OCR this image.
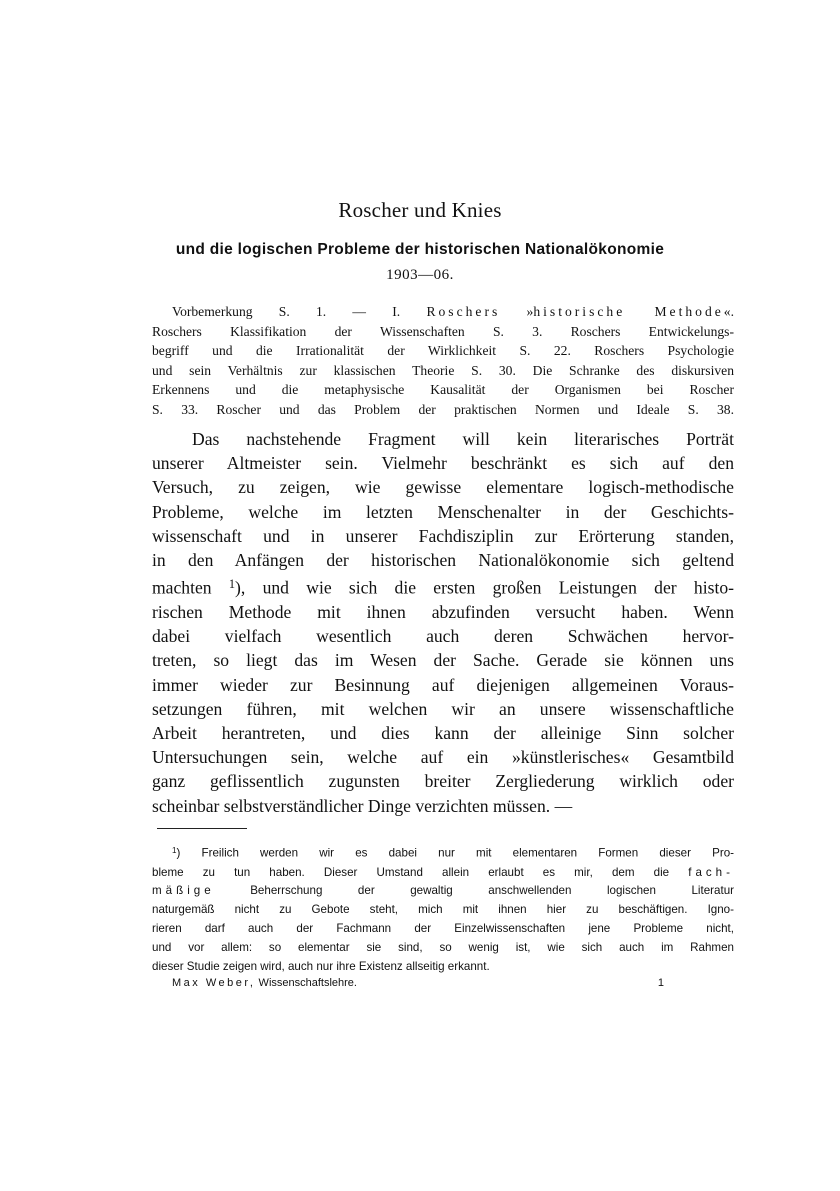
Roscher und Knies
und die logischen Probleme der historischen Nationalökonomie
1903—06.

Vorbemerkung S. 1. — I. Roschers »historische Methode«.

Roschers Klassifikation der Wissenschaften S. 3. Roschers Entwickelungs-

begriff und die Irrationalität der Wirklichkeit S. 22. Roschers Psychologie

und sein Verhältnis zur klassischen Theorie S. 30. Die Schranke des diskursiven

Erkennens und die metaphysische Kausalität der Organismen bei Roscher

S. 33. Roscher und das Problem der praktischen Normen und Ideale S. 38.

Das nachstehende Fragment will kein literarisches Porträt

unserer Altmeister sein. Vielmehr beschränkt es sich auf den

Versuch, zu zeigen, wie gewisse elementare logisch-methodische

Probleme, welche im letzten Menschenalter in der Geschichts-

wissenschaft und in unserer Fachdisziplin zur Erörterung standen,

in den Anfängen der historischen Nationalökonomie sich geltend

machten $^1$), und wie sich die ersten großen Leistungen der histo-

rischen Methode mit ihnen abzufinden versucht haben. Wenn

dabei vielfach wesentlich auch deren Schwächen hervor-

treten, so liegt das im Wesen der Sache. Gerade sie können uns

immer wieder zur Besinnung auf diejenigen allgemeinen Voraus-

setzungen führen, mit welchen wir an unsere wissenschaftliche

Arbeit herantreten, und dies kann der alleinige Sinn solcher

Untersuchungen sein, welche auf ein »künstlerisches« Gesamtbild

ganz geflissentlich zugunsten breiter Zergliederung wirklich oder

scheinbar selbstverständlicher Dinge verzichten müssen. —

$^1$) Freilich werden wir es dabei nur mit elementaren Formen dieser Pro-

bleme zu tun haben. Dieser Umstand allein erlaubt es mir, dem die fach-

mäßige Beherrschung der gewaltig anschwellenden logischen Literatur

naturgemäß nicht zu Gebote steht, mich mit ihnen hier zu beschäftigen. Igno-

rieren darf auch der Fachmann der Einzelwissenschaften jene Probleme nicht,

und vor allem: so elementar sie sind, so wenig ist, wie sich auch im Rahmen

dieser Studie zeigen wird, auch nur ihre Existenz allseitig erkannt.

Max Weber, Wissenschaftslehre.	1
